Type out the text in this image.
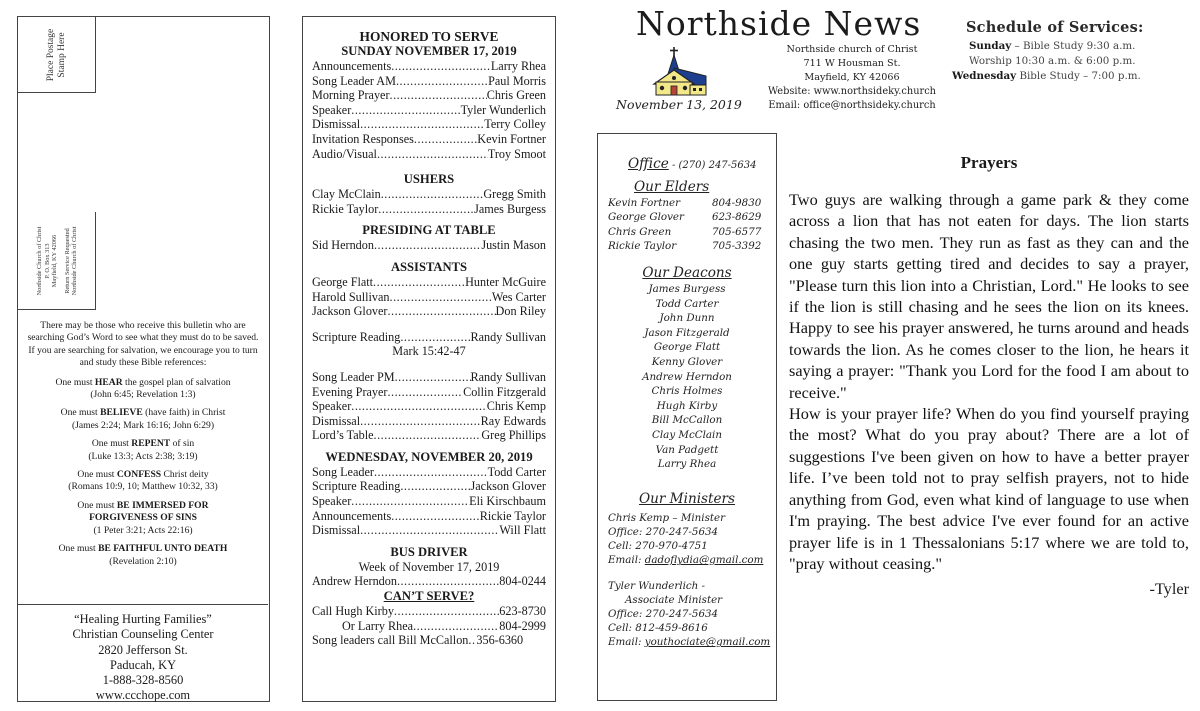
Place Postage Stamp Here
Northside Church of Christ P. O. Box 313 Mayfield, KY 42066 Return Service Requested Northside Church of Christ
There may be those who receive this bulletin who are searching God’s Word to see what they must do to be saved. If you are searching for salvation, we encourage you to turn and study these Bible references:
One must HEAR the gospel plan of salvation
(John 6:45; Revelation 1:3)
One must BELIEVE (have faith) in Christ
(James 2:24; Mark 16:16; John 6:29)
One must REPENT of sin
(Luke 13:3; Acts 2:38; 3:19)
One must CONFESS Christ deity
(Romans 10:9, 10; Matthew 10:32, 33)
One must BE IMMERSED FOR FORGIVENESS OF SINS
(1 Peter 3:21; Acts 22:16)
One must BE FAITHFUL UNTO DEATH
(Revelation 2:10)
“Healing Hurting Families”
Christian Counseling Center
2820 Jefferson St.
Paducah, KY
1-888-328-8560
www.ccchope.com
HONORED TO SERVE
SUNDAY NOVEMBER 17, 2019
Announcements .....	Larry Rhea
Song Leader AM .....	Paul Morris
Morning Prayer .....	Chris Green
Speaker .....	Tyler Wunderlich
Dismissal .....	Terry Colley
Invitation Responses .....	Kevin Fortner
Audio/Visual .....	Troy Smoot
USHERS
Clay McClain .....	Gregg Smith
Rickie Taylor .....	James Burgess
PRESIDING AT TABLE
Sid Herndon .....	Justin Mason
ASSISTANTS
George Flatt .....	Hunter McGuire
Harold Sullivan .....	Wes Carter
Jackson Glover .....	Don Riley
Scripture Reading .....	Randy Sullivan
Mark 15:42-47
Song Leader PM .....	Randy Sullivan
Evening Prayer .....	Collin Fitzgerald
Speaker .....	Chris Kemp
Dismissal .....	Ray Edwards
Lord’s Table .....	Greg Phillips
WEDNESDAY, NOVEMBER 20, 2019
Song Leader .....	Todd Carter
Scripture Reading .....	Jackson Glover
Speaker .....	Eli Kirschbaum
Announcements .....	Rickie Taylor
Dismissal .....	Will Flatt
BUS DRIVER
Week of November 17, 2019
Andrew Herndon .....	804-0244
CAN’T SERVE?
Call Hugh Kirby .....	623-8730
Or Larry Rhea .....	804-2999
Song leaders call Bill McCallon ..... 356-6360
Northside News
November 13, 2019
Northside church of Christ
711 W Housman St.
Mayfield, KY 42066
Website: www.northsideky.church
Email: office@northsideky.church
Schedule of Services:
Sunday – Bible Study 9:30 a.m.
Worship 10:30 a.m. & 6:00 p.m.
Wednesday Bible Study – 7:00 p.m.
Office - (270) 247-5634
Our Elders
Kevin Fortner	804-9830
George Glover	623-8629
Chris Green	705-6577
Rickie Taylor	705-3392
Our Deacons
James Burgess
Todd Carter
John Dunn
Jason Fitzgerald
George Flatt
Kenny Glover
Andrew Herndon
Chris Holmes
Hugh Kirby
Bill McCallon
Clay McClain
Van Padgett
Larry Rhea
Our Ministers
Chris Kemp – Minister
Office: 270-247-5634
Cell: 270-970-4751
Email: dadoflydia@gmail.com
Tyler Wunderlich -
Associate Minister
Office: 270-247-5634
Cell: 812-459-8616
Email: youthociate@gmail.com
Prayers

Two guys are walking through a game park & they come across a lion that has not eaten for days. The lion starts chasing the two men. They run as fast as they can and the one guy starts getting tired and decides to say a prayer, "Please turn this lion into a Christian, Lord." He looks to see if the lion is still chasing and he sees the lion on its knees. Happy to see his prayer answered, he turns around and heads towards the lion. As he comes closer to the lion, he hears it saying a prayer: "Thank you Lord for the food I am about to receive."

How is your prayer life? When do you find yourself praying the most? What do you pray about? There are a lot of suggestions I've been given on how to have a better prayer life. I’ve been told not to pray selfish prayers, not to hide anything from God, even what kind of language to use when I'm praying. The best advice I've ever found for an active prayer life is in 1 Thessalonians 5:17 where we are told to, "pray without ceasing."

-Tyler
